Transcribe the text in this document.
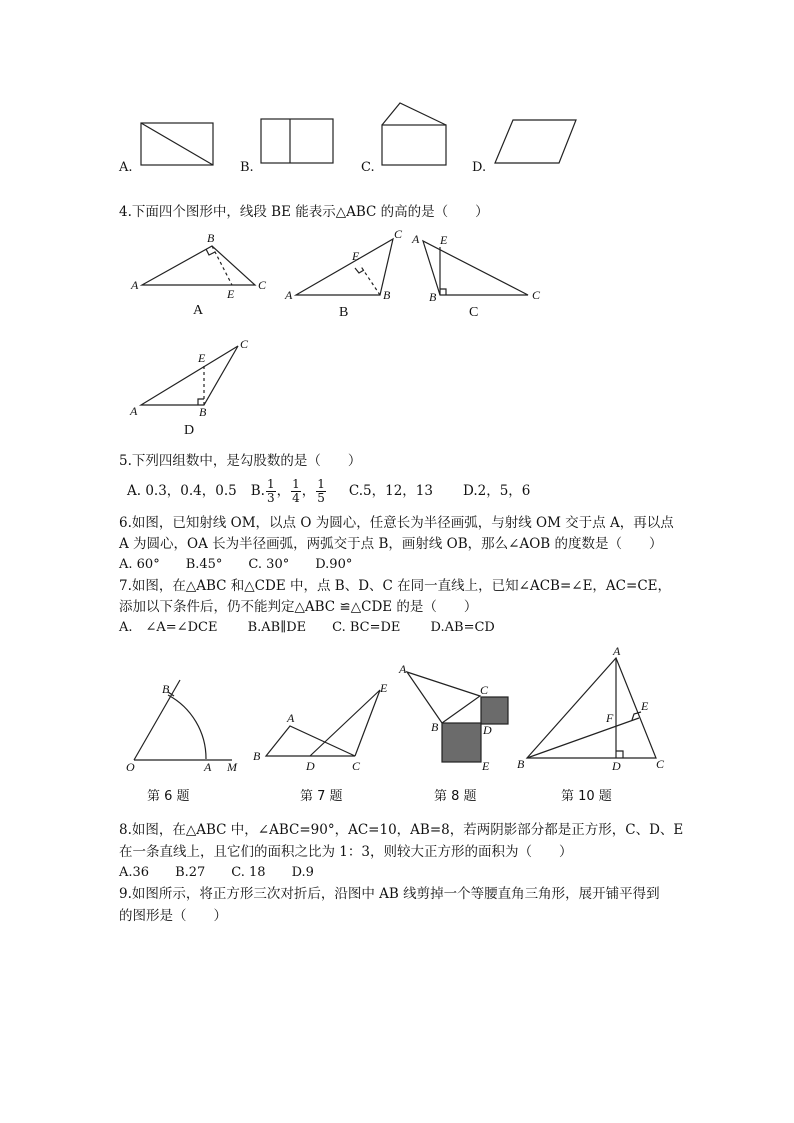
A.	B.	C.	D.
4.下面四个图形中，线段 BE 能表示△ABC 的高的是（　　）
A
B
C
E
A
A	B
C
E
B
A
B	C
E
C
A	B
C
E
D
5.下列四组数中，是勾股数的是（　　）
A. 0.3，0.4，0.5 B. $\frac{1}{3}$ ， $\frac{1}{4}$ ， $\frac{1}{5} C.5$，12，13 D.2，5，6
6.如图，已知射线 OM，以点 O 为圆心，任意长为半径画弧，与射线 OM 交于点 A，再以点
A 为圆心，OA 长为半径画弧，两弧交于点 B，画射线 OB，那么∠AOB 的度数是（　　）
A. 60°　　B.45°　　C. 30°　　D.90°
7.如图，在△ABC 和△CDE 中，点 B、D、C 在同一直线上，已知∠ACB=∠E，AC=CE，
添加以下条件后，仍不能判定△ABC ≌△CDE 的是（　　）
A.　∠A=∠DCE　　 B.AB∥DE　　C. BC=DE　　 D.AB=CD
B
O	A M
A
B
D	C
E
A
C
B	D
E
A
E
F
B	D	C
第 6 题	第 7 题	第 8 题	第 10 题
8.如图，在△ABC 中，∠ABC=90°，AC=10，AB=8，若两阴影部分都是正方形，C、D、E
在一条直线上，且它们的面积之比为 1：3，则较大正方形的面积为（　　）
A.36　　B.27　　C. 18　　D.9
9.如图所示，将正方形三次对折后，沿图中 AB 线剪掉一个等腰直角三角形，展开铺平得到
的图形是（　　）
